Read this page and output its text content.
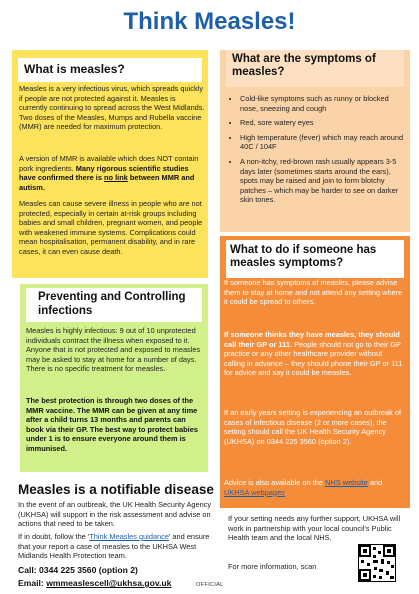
Think Measles!
What is measles?
Measles is a very infectious virus, which spreads quickly if people are not protected against it. Measles is currently continuing to spread across the West Midlands. Two doses of the Measles, Mumps and Rubella vaccine (MMR) are needed for maximum protection.
A version of MMR is available which does NOT contain pork ingredients. Many rigorous scientific studies have confirmed there is no link between MMR and autism.
Measles can cause severe illness in people who are not protected, especially in certain at-risk groups including babies and small children, pregnant women, and people with weakened immune systems. Complications could mean hospitalisation, permanent disability, and in rare cases, it can even cause death.
What are the symptoms of measles?
• Cold-like symptoms such as runny or blocked nose, sneezing and cough
• Red, sore watery eyes
• High temperature (fever) which may reach around 40C / 104F
• A non-itchy, red-brown rash usually appears 3-5 days later (sometimes starts around the ears), spots may be raised and join to form blotchy patches – which may be harder to see on darker skin tones.
What to do if someone has measles symptoms?
If someone has symptoms of measles, please advise them to stay at home and not attend any setting where it could be spread to others.
If someone thinks they have measles, they should call their GP or 111. People should not go to their GP practice or any other healthcare provider without calling in advance – they should phone their GP or 111 for advice and say it could be measles.
If an early years setting is experiencing an outbreak of cases of infectious disease (2 or more cases), the setting should call the UK Health Security Agency (UKHSA) on 0344 225 3560 (option 2).
Advice is also available on the NHS website and UKHSA webpages.
Preventing and Controlling infections
Measles is highly infectious: 9 out of 10 unprotected individuals contract the illness when exposed to it. Anyone that is not protected and exposed to measles may be asked to stay at home for a number of days. There is no specific treatment for measles.
The best protection is through two doses of the MMR vaccine. The MMR can be given at any time after a child turns 13 months and parents can book via their GP. The best way to protect babies under 1 is to ensure everyone around them is immunised.
Measles is a notifiable disease
In the event of an outbreak, the UK Health Security Agency (UKHSA) will support in the risk assessment and advise on actions that need to be taken.
If in doubt, follow the 'Think Measles guidance' and ensure that your report a case of measles to the UKHSA West Midlands Health Protection team.
Call: 0344 225 3560 (option 2)
Email: wmmeaslescell@ukhsa.gov.uk
If your setting needs any further support, UKHSA will work in partnership with your local council's Public Health team and the local NHS.
For more information, scan
OFFICIAL
